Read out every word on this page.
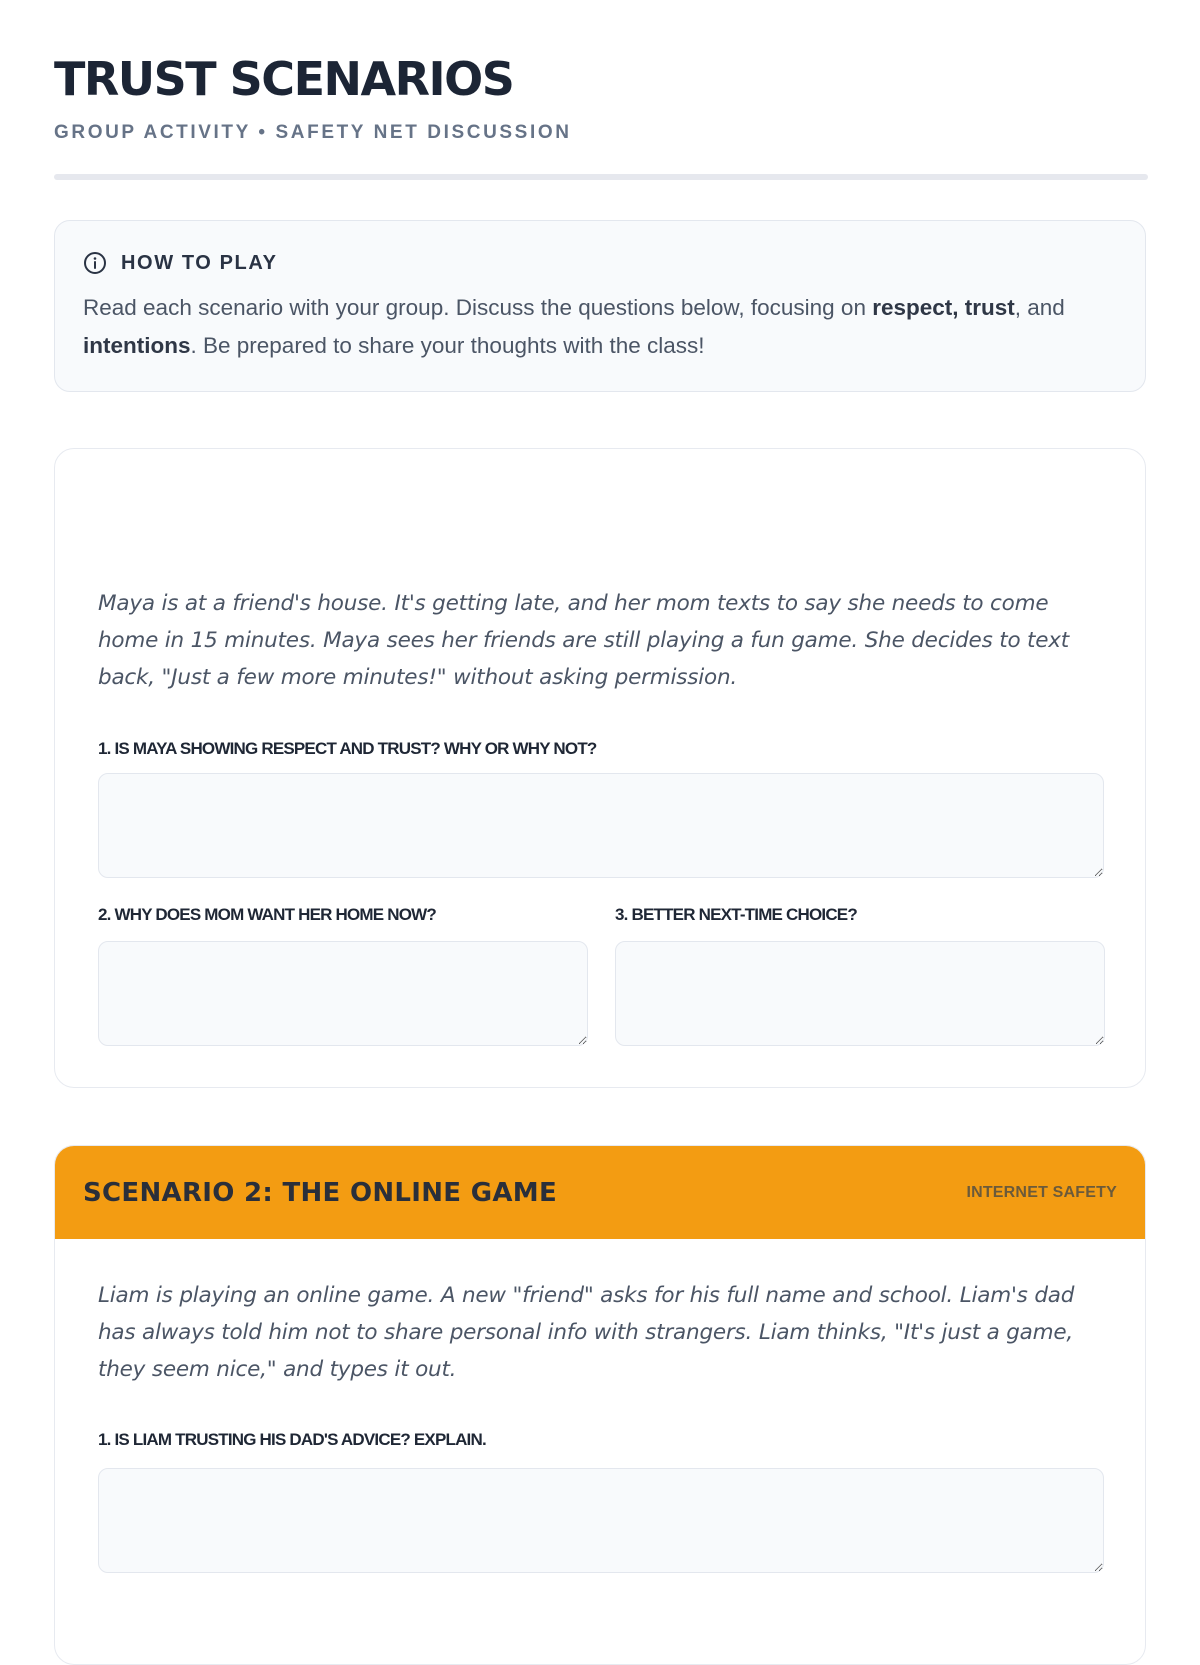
TRUST SCENARIOS
GROUP ACTIVITY • SAFETY NET DISCUSSION
HOW TO PLAY
Read each scenario with your group. Discuss the questions below, focusing on respect, trust, and intentions. Be prepared to share your thoughts with the class!
Maya is at a friend's house. It's getting late, and her mom texts to say she needs to come home in 15 minutes. Maya sees her friends are still playing a fun game. She decides to text back, "Just a few more minutes!" without asking permission.
1. IS MAYA SHOWING RESPECT AND TRUST? WHY OR WHY NOT?
2. WHY DOES MOM WANT HER HOME NOW?	3. BETTER NEXT-TIME CHOICE?
SCENARIO 2: THE ONLINE GAME	INTERNET SAFETY
Liam is playing an online game. A new "friend" asks for his full name and school. Liam's dad has always told him not to share personal info with strangers. Liam thinks, "It's just a game, they seem nice," and types it out.
1. IS LIAM TRUSTING HIS DAD'S ADVICE? EXPLAIN.
